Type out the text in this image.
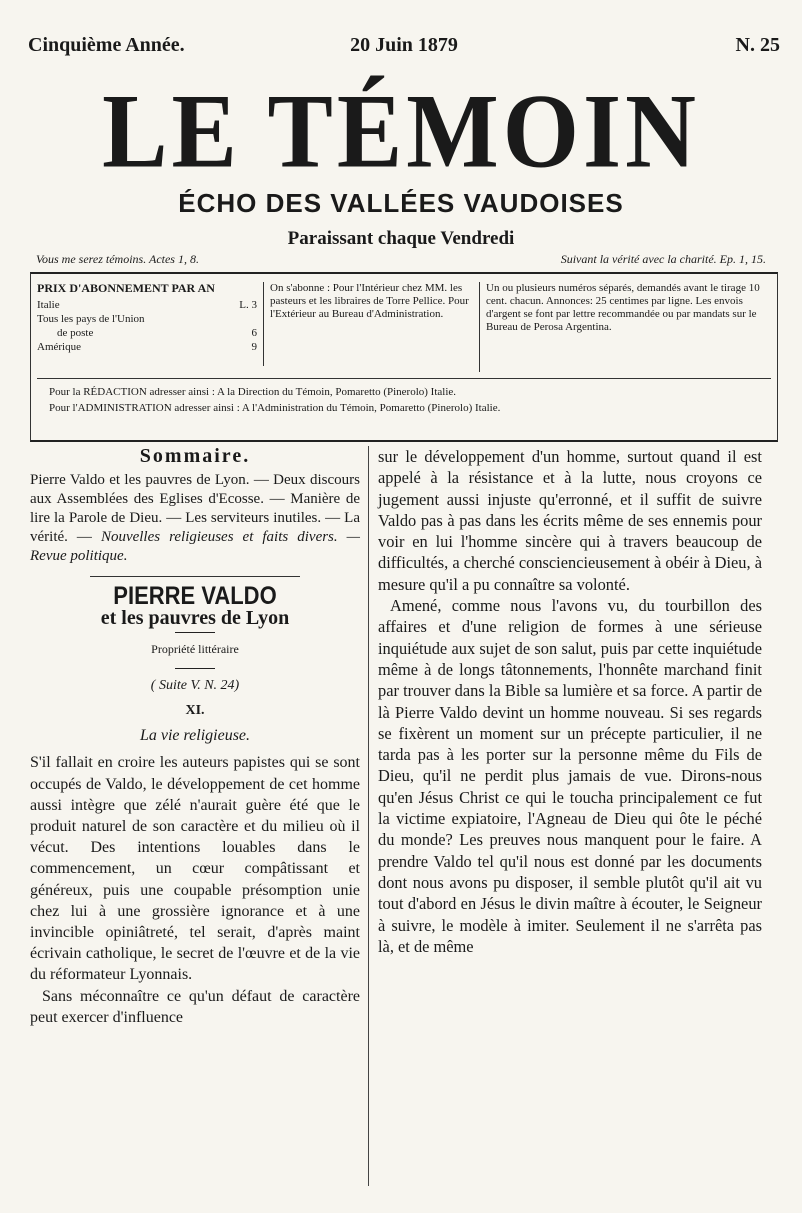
Cinquième Année.	20 Juin 1879	N. 25
LE TÉMOIN
ÉCHO DES VALLÉES VAUDOISES
Paraissant chaque Vendredi
Vous me serez témoins. Actes 1, 8.	Suivant la vérité avec la charité. Ep. 1, 15.
PRIX D'ABONNEMENT PAR AN
Italie	L. 3
Tous les pays de l'Union
de poste	6
Amérique	9
On s'abonne : Pour l'Intérieur chez MM. les pasteurs et les libraires de Torre Pellice. Pour l'Extérieur au Bureau d'Administration.
Un ou plusieurs numéros séparés, demandés avant le tirage 10 cent. chacun. Annonces: 25 centimes par ligne. Les envois d'argent se font par lettre recommandée ou par mandats sur le Bureau de Perosa Argentina.
Pour la RÉDACTION adresser ainsi : A la Direction du Témoin, Pomaretto (Pinerolo) Italie.
Pour l'ADMINISTRATION adresser ainsi : A l'Administration du Témoin, Pomaretto (Pinerolo) Italie.
Sommaire.

Pierre Valdo et les pauvres de Lyon. — Deux discours aux Assemblées des Eglises d'Ecosse. — Manière de lire la Parole de Dieu. — Les serviteurs inutiles. — La vérité. — Nouvelles religieuses et faits divers. — Revue politique.

PIERRE VALDO
et les pauvres de Lyon
Propriété littéraire
( Suite V. N. 24)
XI.
La vie religieuse.

S'il fallait en croire les auteurs papistes qui se sont occupés de Valdo, le développement de cet homme aussi intègre que zélé n'aurait guère été que le produit naturel de son caractère et du milieu où il vécut. Des intentions louables dans le commencement, un cœur compâtissant et généreux, puis une coupable présomption unie chez lui à une grossière ignorance et à une invincible opiniâtreté, tel serait, d'après maint écrivain catholique, le secret de l'œuvre et de la vie du réformateur Lyonnais.

Sans méconnaître ce qu'un défaut de caractère peut exercer d'influence

sur le développement d'un homme, surtout quand il est appelé à la résistance et à la lutte, nous croyons ce jugement aussi injuste qu'erronné, et il suffit de suivre Valdo pas à pas dans les écrits même de ses ennemis pour voir en lui l'homme sincère qui à travers beaucoup de difficultés, a cherché consciencieusement à obéir à Dieu, à mesure qu'il a pu connaître sa volonté.

Amené, comme nous l'avons vu, du tourbillon des affaires et d'une religion de formes à une sérieuse inquiétude aux sujet de son salut, puis par cette inquiétude même à de longs tâtonnements, l'honnête marchand finit par trouver dans la Bible sa lumière et sa force. A partir de là Pierre Valdo devint un homme nouveau. Si ses regards se fixèrent un moment sur un précepte particulier, il ne tarda pas à les porter sur la personne même du Fils de Dieu, qu'il ne perdit plus jamais de vue. Dirons-nous qu'en Jésus Christ ce qui le toucha principalement ce fut la victime expiatoire, l'Agneau de Dieu qui ôte le péché du monde? Les preuves nous manquent pour le faire. A prendre Valdo tel qu'il nous est donné par les documents dont nous avons pu disposer, il semble plutôt qu'il ait vu tout d'abord en Jésus le divin maître à écouter, le Seigneur à suivre, le modèle à imiter. Seulement il ne s'arrêta pas là, et de même
